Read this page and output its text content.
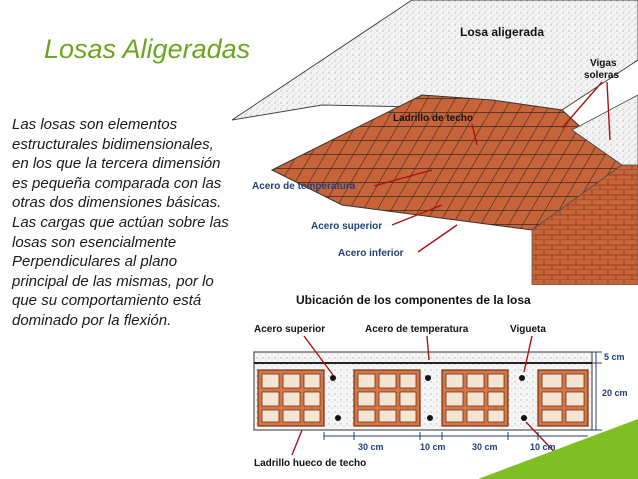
Losas Aligeradas
Las losas son elementos estructurales bidimensionales, en los que la tercera dimensión es pequeña comparada con las otras dos dimensiones básicas. Las cargas que actúan sobre las losas son esencialmente Perpendiculares al plano principal de las mismas, por lo que su comportamiento está dominado por la flexión.
Losa aligerada
Vigas
soleras
Ladrillo de techo
Acero de temperatura
Acero superior
Acero inferior
Ubicación de los componentes de la losa
Acero superior	Acero de temperatura	Vigueta
5 cm
20 cm
30 cm	10 cm	30 cm	10 cm
Ladrillo hueco de techo
